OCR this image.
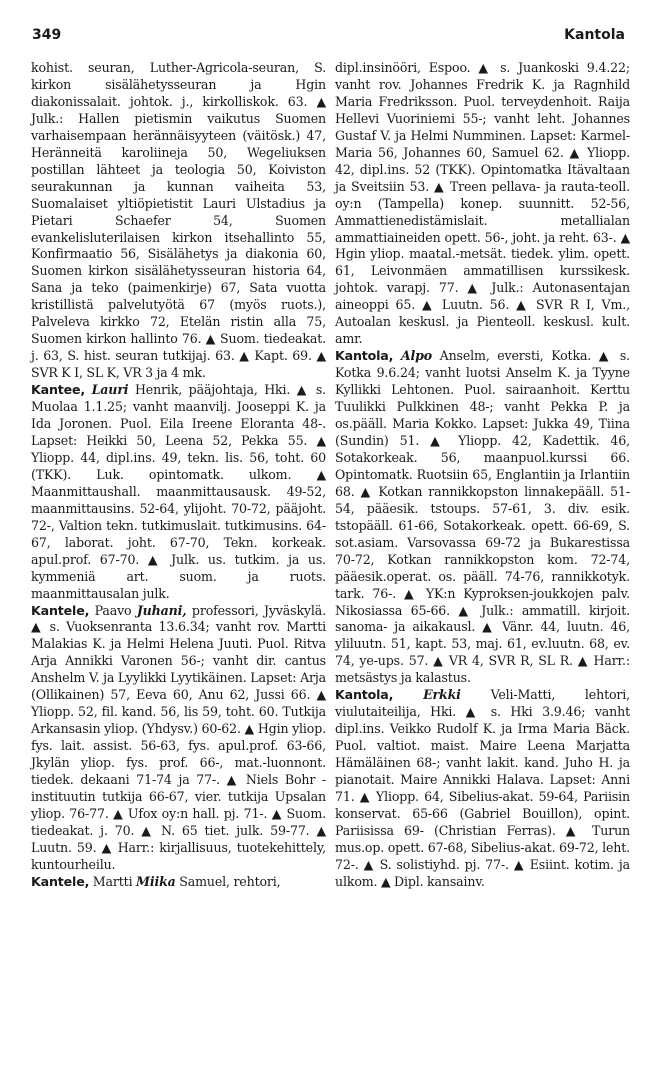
349	Kantola

kohist. seuran, Luther-Agricola-seuran, S. kirkon sisälähetysseuran ja Hgin diakonissalait. johtok. j., kirkolliskok. 63. ▲ Julk.: Hallen pietismin vaikutus Suomen varhaisempaan herännäisyyteen (väitösk.) 47, Heränneitä karoliineja 50, Wegeliuksen postillan lähteet ja teologia 50, Koiviston seurakunnan ja kunnan vaiheita 53, Suomalaiset yltiöpietistit Lauri Ulstadius ja Pietari Schaefer 54, Suomen evankelisluterilaisen kirkon itsehallinto 55, Konfirmaatio 56, Sisälähetys ja diakonia 60, Suomen kirkon sisälähetysseuran historia 64, Sana ja teko (paimenkirje) 67, Sata vuotta kristillistä palvelutyötä 67 (myös ruots.), Palveleva kirkko 72, Etelän ristin alla 75, Suomen kirkon hallinto 76. ▲ Suom. tiedeakat. j. 63, S. hist. seuran tutkijaj. 63. ▲ Kapt. 69. ▲ SVR K I, SL K, VR 3 ja 4 mk.

Kantee, Lauri Henrik, pääjohtaja, Hki. ▲ s. Muolaa 1.1.25; vanht maanvilj. Jooseppi K. ja Ida Joronen. Puol. Eila Ireene Eloranta 48-. Lapset: Heikki 50, Leena 52, Pekka 55. ▲ Yliopp. 44, dipl.ins. 49, tekn. lis. 56, toht. 60 (TKK). Luk. opintomatk. ulkom. ▲ Maanmittaushall. maanmittausausk. 49-52, maanmittausins. 52-64, ylijoht. 70-72, pääjoht. 72-, Valtion tekn. tutkimuslait. tutkimusins. 64-67, laborat. joht. 67-70, Tekn. korkeak. apul.prof. 67-70. ▲ Julk. us. tutkim. ja us. kymmeniä art. suom. ja ruots. maanmittausalan julk.

Kantele, Paavo Juhani, professori, Jyväskylä. ▲ s. Vuoksenranta 13.6.34; vanht rov. Martti Malakias K. ja Helmi Helena Juuti. Puol. Ritva Arja Annikki Varonen 56-; vanht dir. cantus Anshelm V. ja Lyylikki Lyytikäinen. Lapset: Arja (Ollikainen) 57, Eeva 60, Anu 62, Jussi 66. ▲ Yliopp. 52, fil. kand. 56, lis 59, toht. 60. Tutkija Arkansasin yliop. (Yhdysv.) 60-62. ▲ Hgin yliop. fys. lait. assist. 56-63, fys. apul.prof. 63-66, Jkylän yliop. fys. prof. 66-, mat.-luonnont. tiedek. dekaani 71-74 ja 77-. ▲ Niels Bohr -instituutin tutkija 66-67, vier. tutkija Upsalan yliop. 76-77. ▲ Ufox oy:n hall. pj. 71-. ▲ Suom. tiedeakat. j. 70. ▲ N. 65 tiet. julk. 59-77. ▲ Luutn. 59. ▲ Harr.: kirjallisuus, tuotekehittely, kuntourheilu.

Kantele, Martti Miika Samuel, rehtori,

dipl.insinööri, Espoo. ▲ s. Juankoski 9.4.22; vanht rov. Johannes Fredrik K. ja Ragnhild Maria Fredriksson. Puol. terveydenhoit. Raija Hellevi Vuoriniemi 55-; vanht leht. Johannes Gustaf V. ja Helmi Numminen. Lapset: Karmel-Maria 56, Johannes 60, Samuel 62. ▲ Yliopp. 42, dipl.ins. 52 (TKK). Opintomatka Itävaltaan ja Sveitsiin 53. ▲ Treen pellava- ja rauta-teoll. oy:n (Tampella) konep. suunnitt. 52-56, Ammattienedistämislait. metallialan ammattiaineiden opett. 56-, joht. ja reht. 63-. ▲ Hgin yliop. maatal.-metsät. tiedek. ylim. opett. 61, Leivonmäen ammatillisen kurssikesk. johtok. varapj. 77. ▲ Julk.: Autonasentajan aineoppi 65. ▲ Luutn. 56. ▲ SVR R I, Vm., Autoalan keskusl. ja Pienteoll. keskusl. kult. amr.

Kantola, Alpo Anselm, eversti, Kotka. ▲ s. Kotka 9.6.24; vanht luotsi Anselm K. ja Tyyne Kyllikki Lehtonen. Puol. sairaanhoit. Kerttu Tuulikki Pulkkinen 48-; vanht Pekka P. ja os.pääll. Maria Kokko. Lapset: Jukka 49, Tiina (Sundin) 51. ▲ Yliopp. 42, Kadettik. 46, Sotakorkeak. 56, maanpuol.kurssi 66. Opintomatk. Ruotsiin 65, Englantiin ja Irlantiin 68. ▲ Kotkan rannikkopston linnakepääll. 51-54, pääesik. tstoups. 57-61, 3. div. esik. tstopääll. 61-66, Sotakorkeak. opett. 66-69, S. sot.asiam. Varsovassa 69-72 ja Bukarestissa 70-72, Kotkan rannikkopston kom. 72-74, pääesik.operat. os. pääll. 74-76, rannikkotyk. tark. 76-. ▲ YK:n Kyproksen-joukkojen palv. Nikosiassa 65-66. ▲ Julk.: ammatill. kirjoit. sanoma- ja aikakausl. ▲ Vänr. 44, luutn. 46, yliluutn. 51, kapt. 53, maj. 61, ev.luutn. 68, ev. 74, ye-ups. 57. ▲ VR 4, SVR R, SL R. ▲ Harr.: metsästys ja kalastus.

Kantola, Erkki Veli-Matti, lehtori, viulutaiteilija, Hki. ▲ s. Hki 3.9.46; vanht dipl.ins. Veikko Rudolf K. ja Irma Maria Bäck. Puol. valtiot. maist. Maire Leena Marjatta Hämäläinen 68-; vanht lakit. kand. Juho H. ja pianotait. Maire Annikki Halava. Lapset: Anni 71. ▲ Yliopp. 64, Sibelius-akat. 59-64, Pariisin konservat. 65-66 (Gabriel Bouillon), opint. Pariisissa 69- (Christian Ferras). ▲ Turun mus.op. opett. 67-68, Sibelius-akat. 69-72, leht. 72-. ▲ S. solistiyhd. pj. 77-. ▲ Esiint. kotim. ja ulkom. ▲ Dipl. kansainv.
